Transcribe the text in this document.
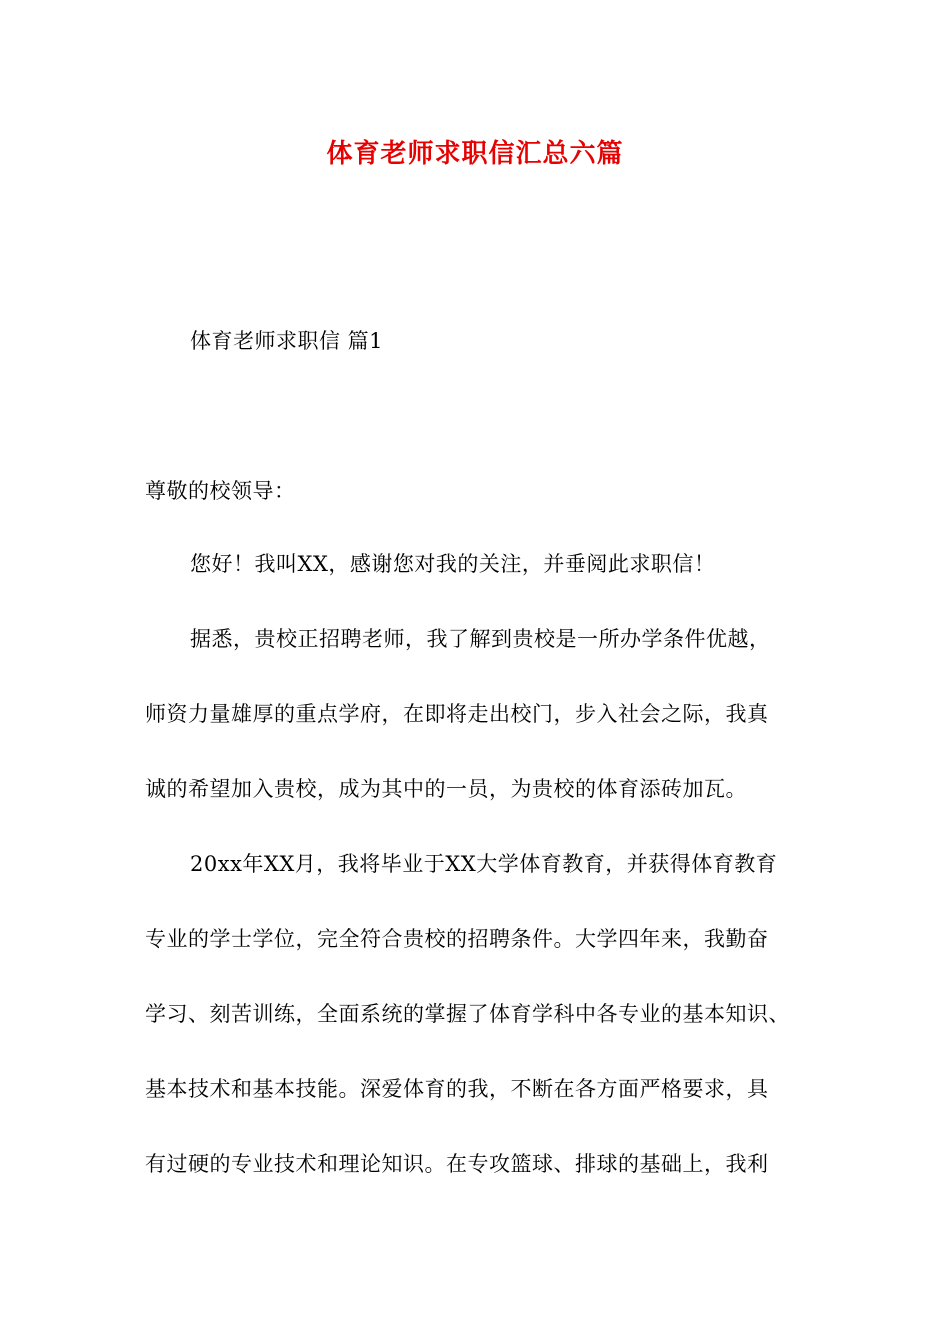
体育老师求职信汇总六篇
体育老师求职信 篇1
尊敬的校领导：
您好！我叫XX，感谢您对我的关注，并垂阅此求职信！
据悉，贵校正招聘老师，我了解到贵校是一所办学条件优越，
师资力量雄厚的重点学府，在即将走出校门，步入社会之际，我真
诚的希望加入贵校，成为其中的一员，为贵校的体育添砖加瓦。
20xx年XX月，我将毕业于XX大学体育教育，并获得体育教育
专业的学士学位，完全符合贵校的招聘条件。大学四年来，我勤奋
学习、刻苦训练，全面系统的掌握了体育学科中各专业的基本知识、
基本技术和基本技能。深爱体育的我，不断在各方面严格要求，具
有过硬的专业技术和理论知识。在专攻篮球、排球的基础上，我利
